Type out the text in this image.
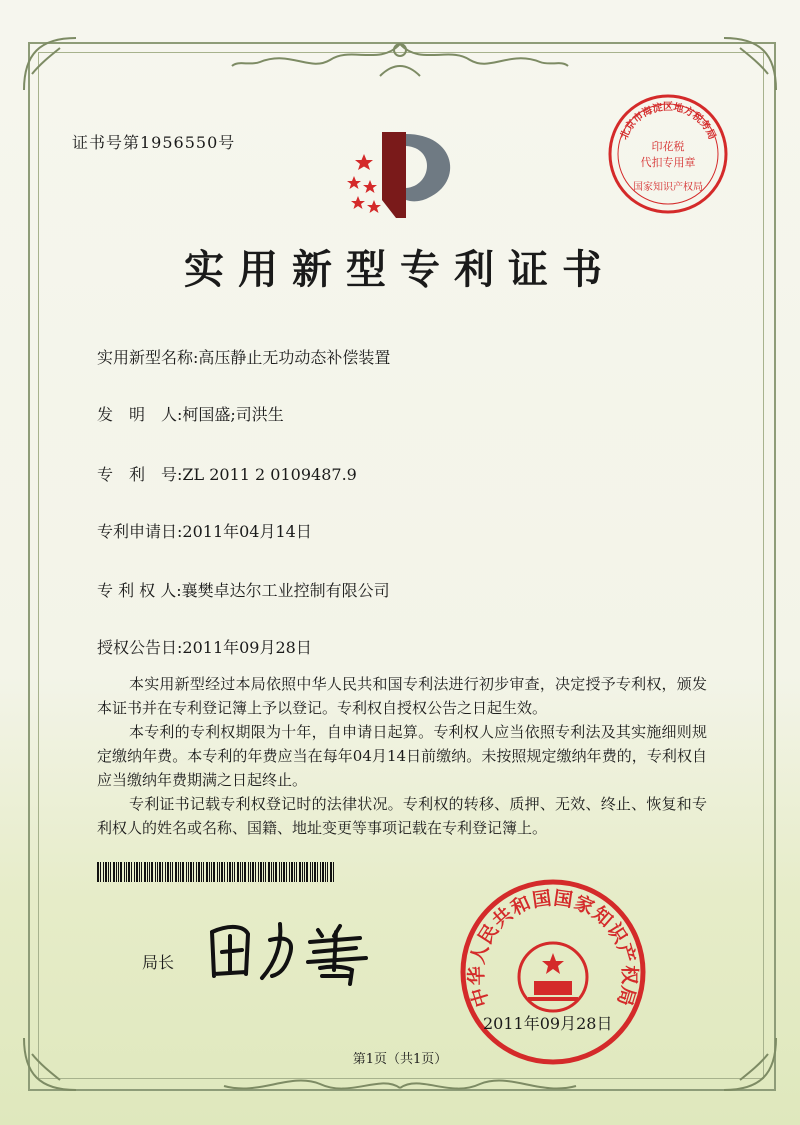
北京市海淀区地方税务局
印花税
代扣专用章
国家知识产权局
证书号第1956550号
实用新型专利证书
实用新型名称:高压静止无功动态补偿装置
发　明　人:柯国盛;司洪生
专　利　号:ZL 2011 2 0109487.9
专利申请日:2011年04月14日
专 利 权 人:襄樊卓达尔工业控制有限公司
授权公告日:2011年09月28日

本实用新型经过本局依照中华人民共和国专利法进行初步审查，决定授予专利权，颁发本证书并在专利登记簿上予以登记。专利权自授权公告之日起生效。

本专利的专利权期限为十年，自申请日起算。专利权人应当依照专利法及其实施细则规定缴纳年费。本专利的年费应当在每年04月14日前缴纳。未按照规定缴纳年费的，专利权自应当缴纳年费期满之日起终止。

专利证书记载专利权登记时的法律状况。专利权的转移、质押、无效、终止、恢复和专利权人的姓名或名称、国籍、地址变更等事项记载在专利登记簿上。

局长
中华人民共和国国家知识产权局
2011年09月28日
第1页（共1页）
